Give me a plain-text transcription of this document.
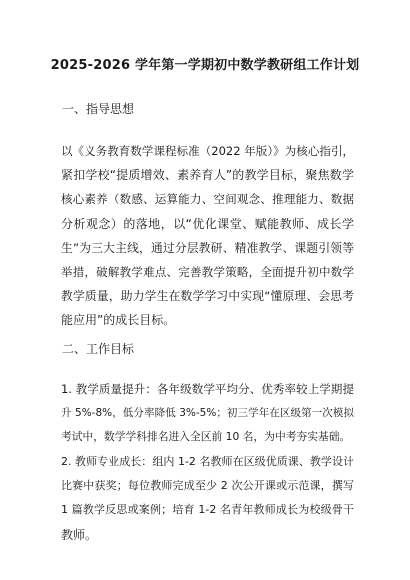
2025-2026 学年第一学期初中数学教研组工作计划
一、指导思想

以《义务教育数学课程标准（2022 年版）》为核心指引，
紧扣学校“提质增效、素养育人”的教学目标，聚焦数学
核心素养（数感、运算能力、空间观念、推理能力、数据
分析观念）的落地，以“优化课堂、赋能教师、成长学
生”为三大主线，通过分层教研、精准教学、课题引领等
举措，破解教学难点、完善教学策略，全面提升初中数学
教学质量，助力学生在数学学习中实现“懂原理、会思考
能应用”的成长目标。

二、工作目标

1. 教学质量提升：各年级数学平均分、优秀率较上学期提
升 5%-8%，低分率降低 3%-5%；初三学年在区级第一次模拟
考试中，数学学科排名进入全区前 10 名，为中考夯实基础。

2. 教师专业成长：组内 1-2 名教师在区级优质课、教学设计
比赛中获奖；每位教师完成至少 2 次公开课或示范课，撰写
1 篇教学反思或案例；培育 1-2 名青年教师成长为校级骨干
教师。
